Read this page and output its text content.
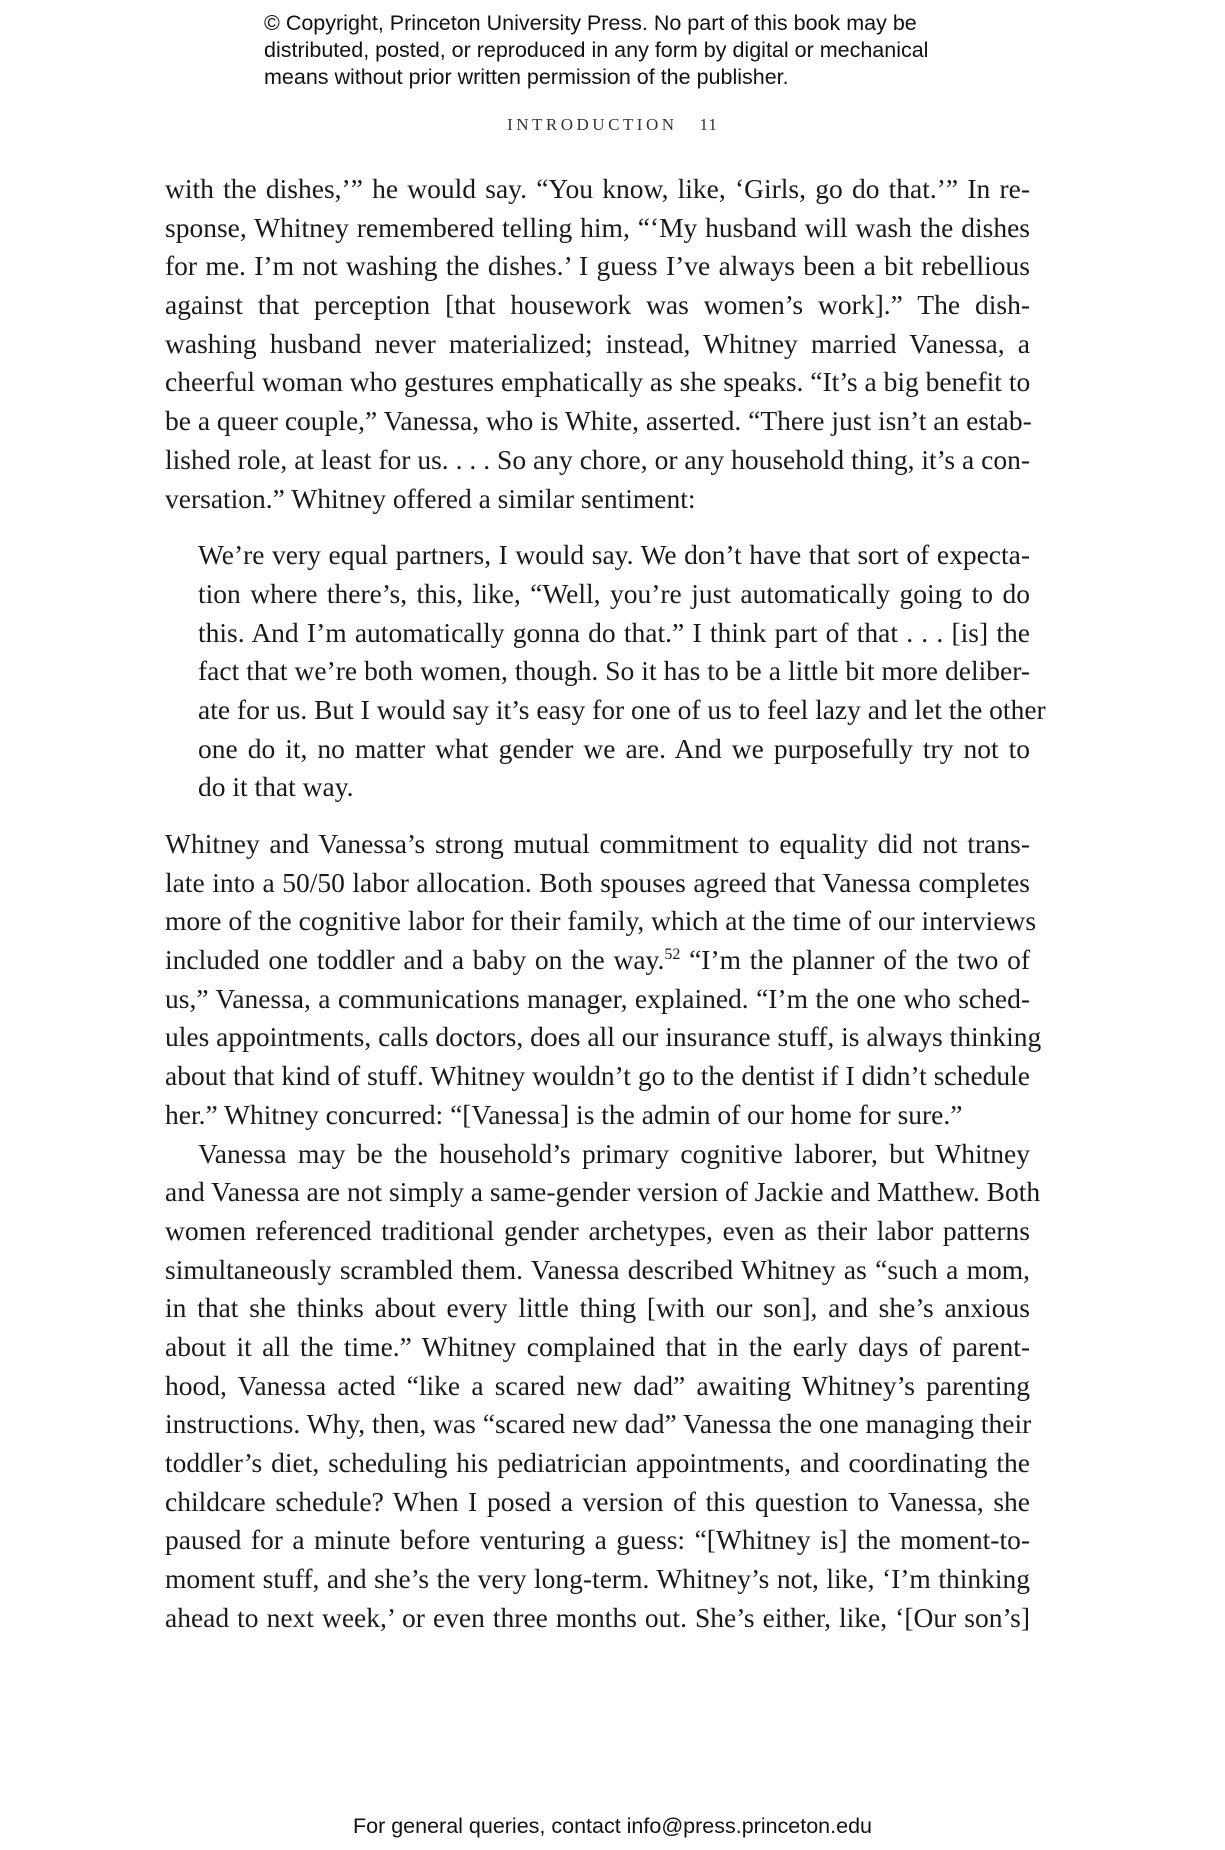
© Copyright, Princeton University Press. No part of this book may be
distributed, posted, or reproduced in any form by digital or mechanical
means without prior written permission of the publisher.
INTRODUCTION 11
with the dishes,’” he would say. “You know, like, ‘Girls, go do that.’” In re-
sponse, Whitney remembered telling him, “‘My husband will wash the dishes
for me. I’m not washing the dishes.’ I guess I’ve always been a bit rebellious
against that perception [that housework was women’s work].” The dish-
washing husband never materialized; instead, Whitney married Vanessa, a
cheerful woman who gestures emphatically as she speaks. “It’s a big benefit to
be a queer couple,” Vanessa, who is White, asserted. “There just isn’t an estab-
lished role, at least for us. . . . So any chore, or any household thing, it’s a con-
versation.” Whitney offered a similar sentiment:
We’re very equal partners, I would say. We don’t have that sort of expecta-
tion where there’s, this, like, “Well, you’re just automatically going to do
this. And I’m automatically gonna do that.” I think part of that . . . [is] the
fact that we’re both women, though. So it has to be a little bit more deliber-
ate for us. But I would say it’s easy for one of us to feel lazy and let the other
one do it, no matter what gender we are. And we purposefully try not to
do it that way.
Whitney and Vanessa’s strong mutual commitment to equality did not trans-
late into a 50/50 labor allocation. Both spouses agreed that Vanessa completes
more of the cognitive labor for their family, which at the time of our interviews
included one toddler and a baby on the way.$^{52}$ “I’m the planner of the two of
us,” Vanessa, a communications manager, explained. “I’m the one who sched-
ules appointments, calls doctors, does all our insurance stuff, is always thinking
about that kind of stuff. Whitney wouldn’t go to the dentist if I didn’t schedule
her.” Whitney concurred: “[Vanessa] is the admin of our home for sure.”
Vanessa may be the household’s primary cognitive laborer, but Whitney
and Vanessa are not simply a same-gender version of Jackie and Matthew. Both
women referenced traditional gender archetypes, even as their labor patterns
simultaneously scrambled them. Vanessa described Whitney as “such a mom,
in that she thinks about every little thing [with our son], and she’s anxious
about it all the time.” Whitney complained that in the early days of parent-
hood, Vanessa acted “like a scared new dad” awaiting Whitney’s parenting
instructions. Why, then, was “scared new dad” Vanessa the one managing their
toddler’s diet, scheduling his pediatrician appointments, and coordinating the
childcare schedule? When I posed a version of this question to Vanessa, she
paused for a minute before venturing a guess: “[Whitney is] the moment-to-
moment stuff, and she’s the very long-term. Whitney’s not, like, ‘I’m thinking
ahead to next week,’ or even three months out. She’s either, like, ‘[Our son’s]
For general queries, contact info@press.princeton.edu
